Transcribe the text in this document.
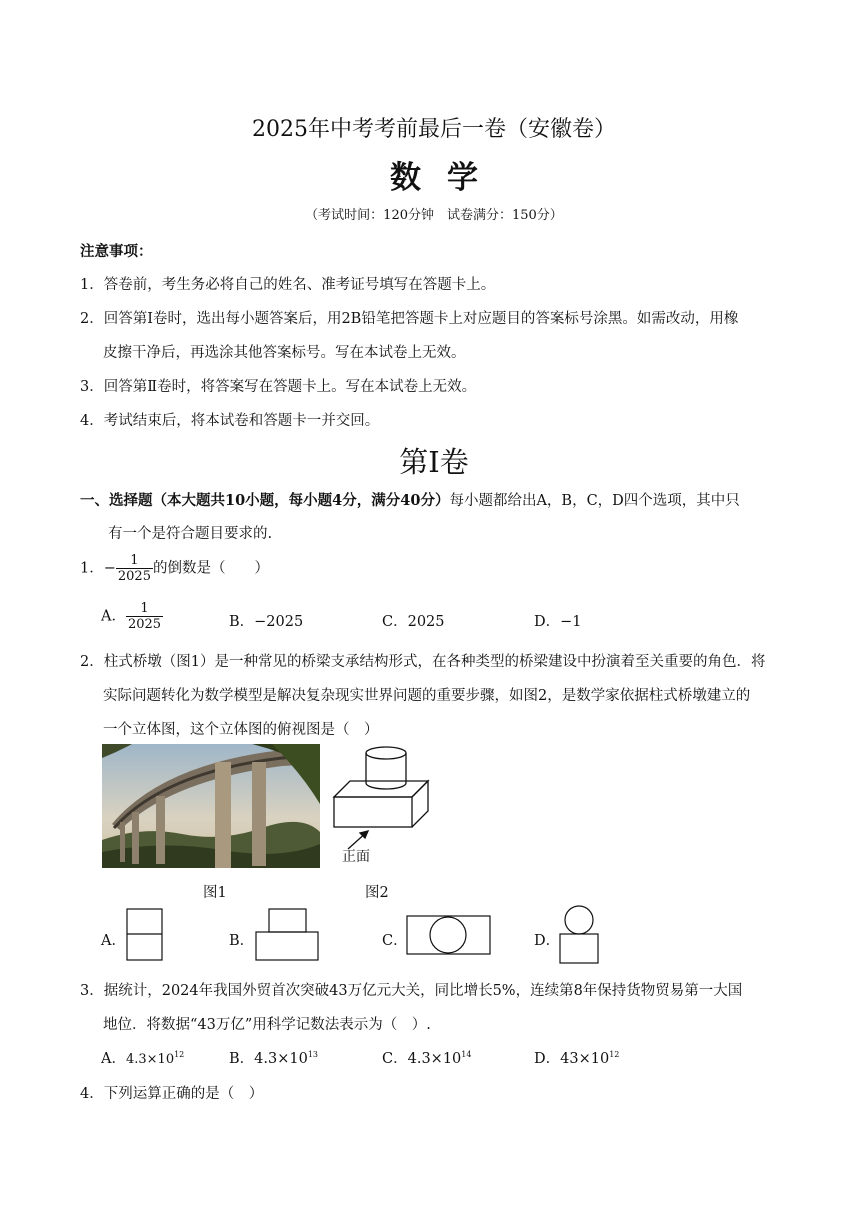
2025年中考考前最后一卷（安徽卷）
数学
（考试时间：120分钟　试卷满分：150分）
注意事项：
1．答卷前，考生务必将自己的姓名、准考证号填写在答题卡上。
2．回答第Ⅰ卷时，选出每小题答案后，用2B铅笔把答题卡上对应题目的答案标号涂黑。如需改动，用橡
皮擦干净后，再选涂其他答案标号。写在本试卷上无效。
3．回答第Ⅱ卷时，将答案写在答题卡上。写在本试卷上无效。
4．考试结束后，将本试卷和答题卡一并交回。
第Ⅰ卷
一、选择题（本大题共10小题，每小题4分，满分40分）每小题都给出A，B，C，D四个选项，其中只
有一个是符合题目要求的.
1．− $\frac{1}{2025}$ 的倒数是（　　）
A． $\frac{1}{2025}$	B．−2025	C．2025	D．−1
2．柱式桥墩（图1）是一种常见的桥梁支承结构形式，在各种类型的桥梁建设中扮演着至关重要的角色．将
实际问题转化为数学模型是解决复杂现实世界问题的重要步骤，如图2，是数学家依据柱式桥墩建立的
一个立体图，这个立体图的俯视图是（　）
正面
图1	图2
A．	B．	C．	D．
3．据统计，2024年我国外贸首次突破43万亿元大关，同比增长5%，连续第8年保持货物贸易第一大国
地位．将数据“43万亿”用科学记数法表示为（　）.
A．$4.3\times 10^{12}$	B．$4.3\times 10^{13}$	C．$4.3\times 10^{14}$	D．$43\times 10^{12}$
4．下列运算正确的是（　）
